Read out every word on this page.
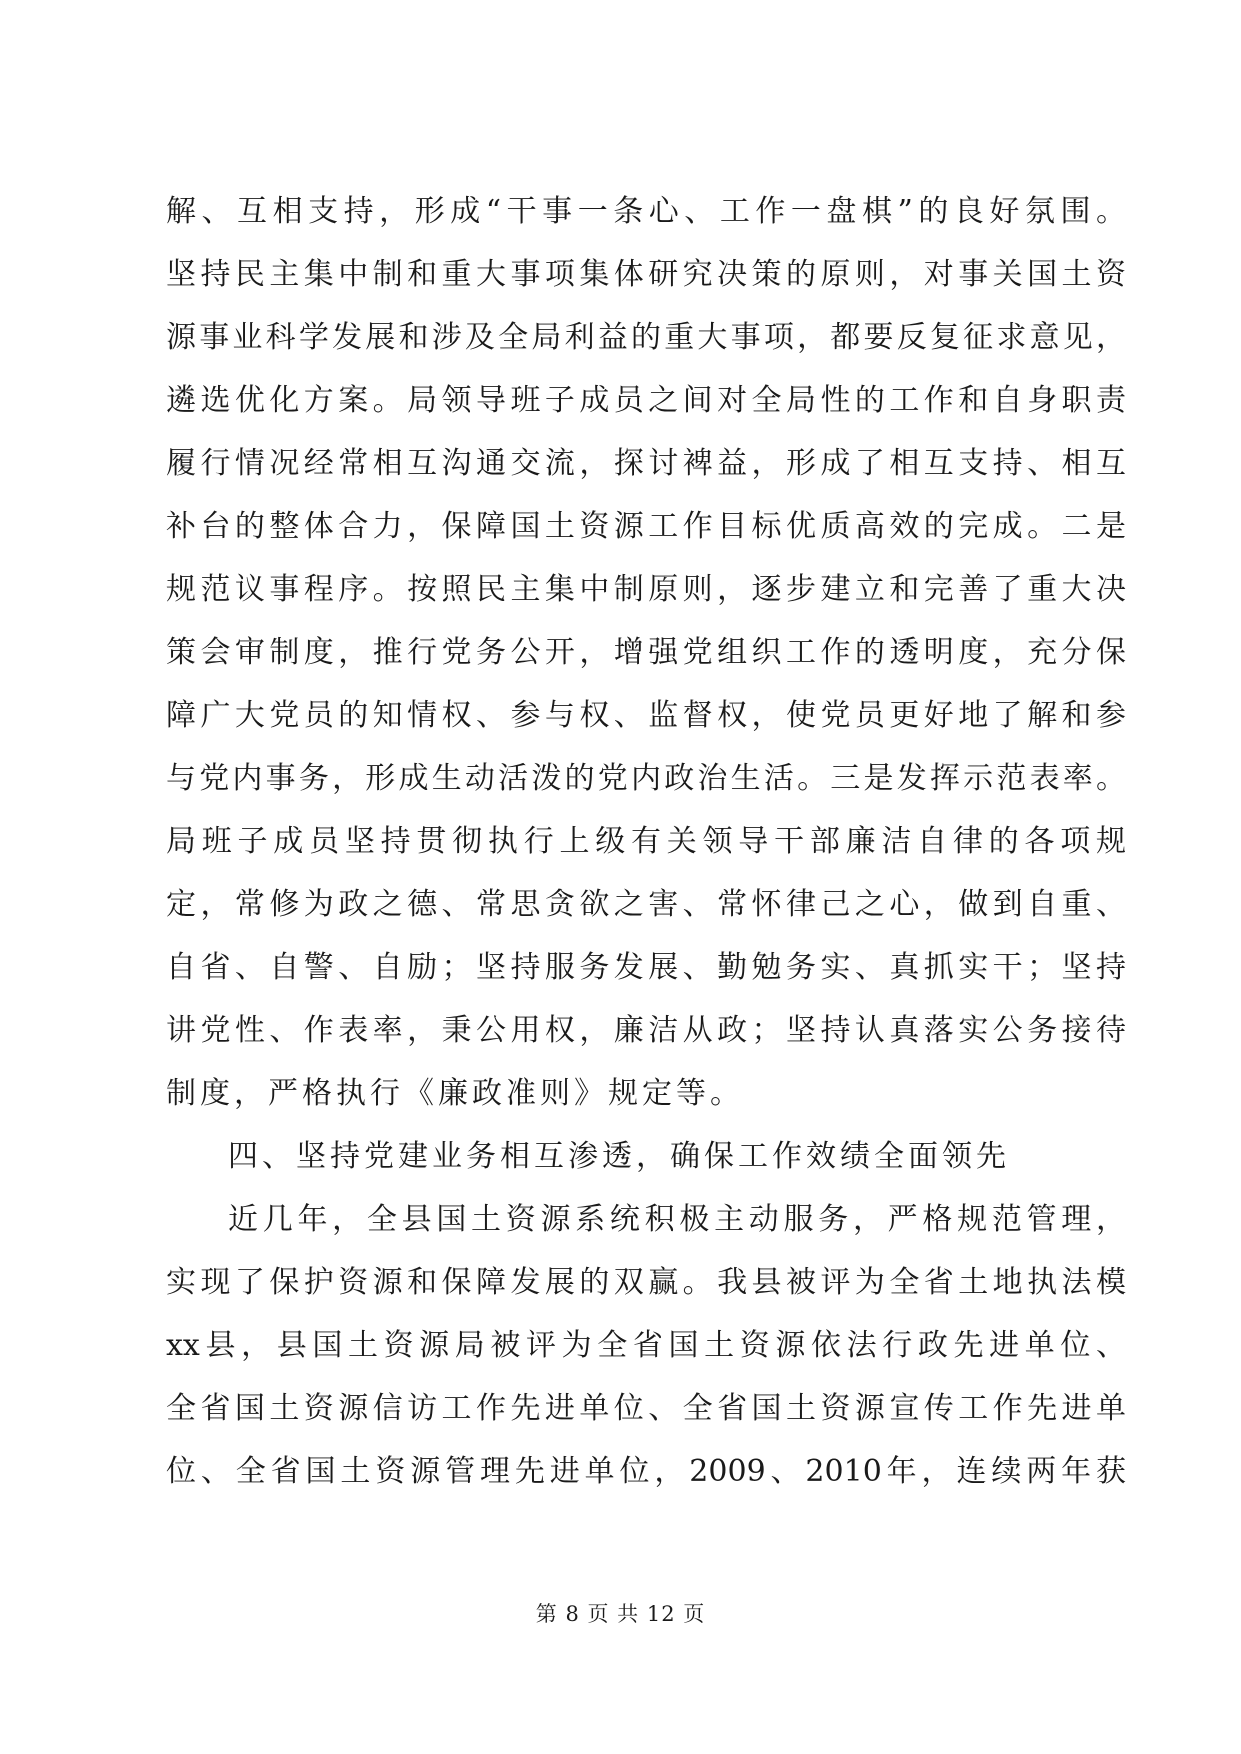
解、互相支持，形成“干事一条心、工作一盘棋”的良好氛围。
坚持民主集中制和重大事项集体研究决策的原则，对事关国土资
源事业科学发展和涉及全局利益的重大事项，都要反复征求意见，
遴选优化方案。局领导班子成员之间对全局性的工作和自身职责
履行情况经常相互沟通交流，探讨裨益，形成了相互支持、相互
补台的整体合力，保障国土资源工作目标优质高效的完成。二是
规范议事程序。按照民主集中制原则，逐步建立和完善了重大决
策会审制度，推行党务公开，增强党组织工作的透明度，充分保
障广大党员的知情权、参与权、监督权，使党员更好地了解和参
与党内事务，形成生动活泼的党内政治生活。三是发挥示范表率。
局班子成员坚持贯彻执行上级有关领导干部廉洁自律的各项规
定，常修为政之德、常思贪欲之害、常怀律己之心，做到自重、
自省、自警、自励；坚持服务发展、勤勉务实、真抓实干；坚持
讲党性、作表率，秉公用权，廉洁从政；坚持认真落实公务接待
制度，严格执行《廉政准则》规定等。
四、坚持党建业务相互渗透，确保工作效绩全面领先
近几年，全县国土资源系统积极主动服务，严格规范管理，
实现了保护资源和保障发展的双赢。我县被评为全省土地执法模
xx县，县国土资源局被评为全省国土资源依法行政先进单位、
全省国土资源信访工作先进单位、全省国土资源宣传工作先进单
位、全省国土资源管理先进单位，2009、2010年，连续两年获
第 8 页 共 12 页
